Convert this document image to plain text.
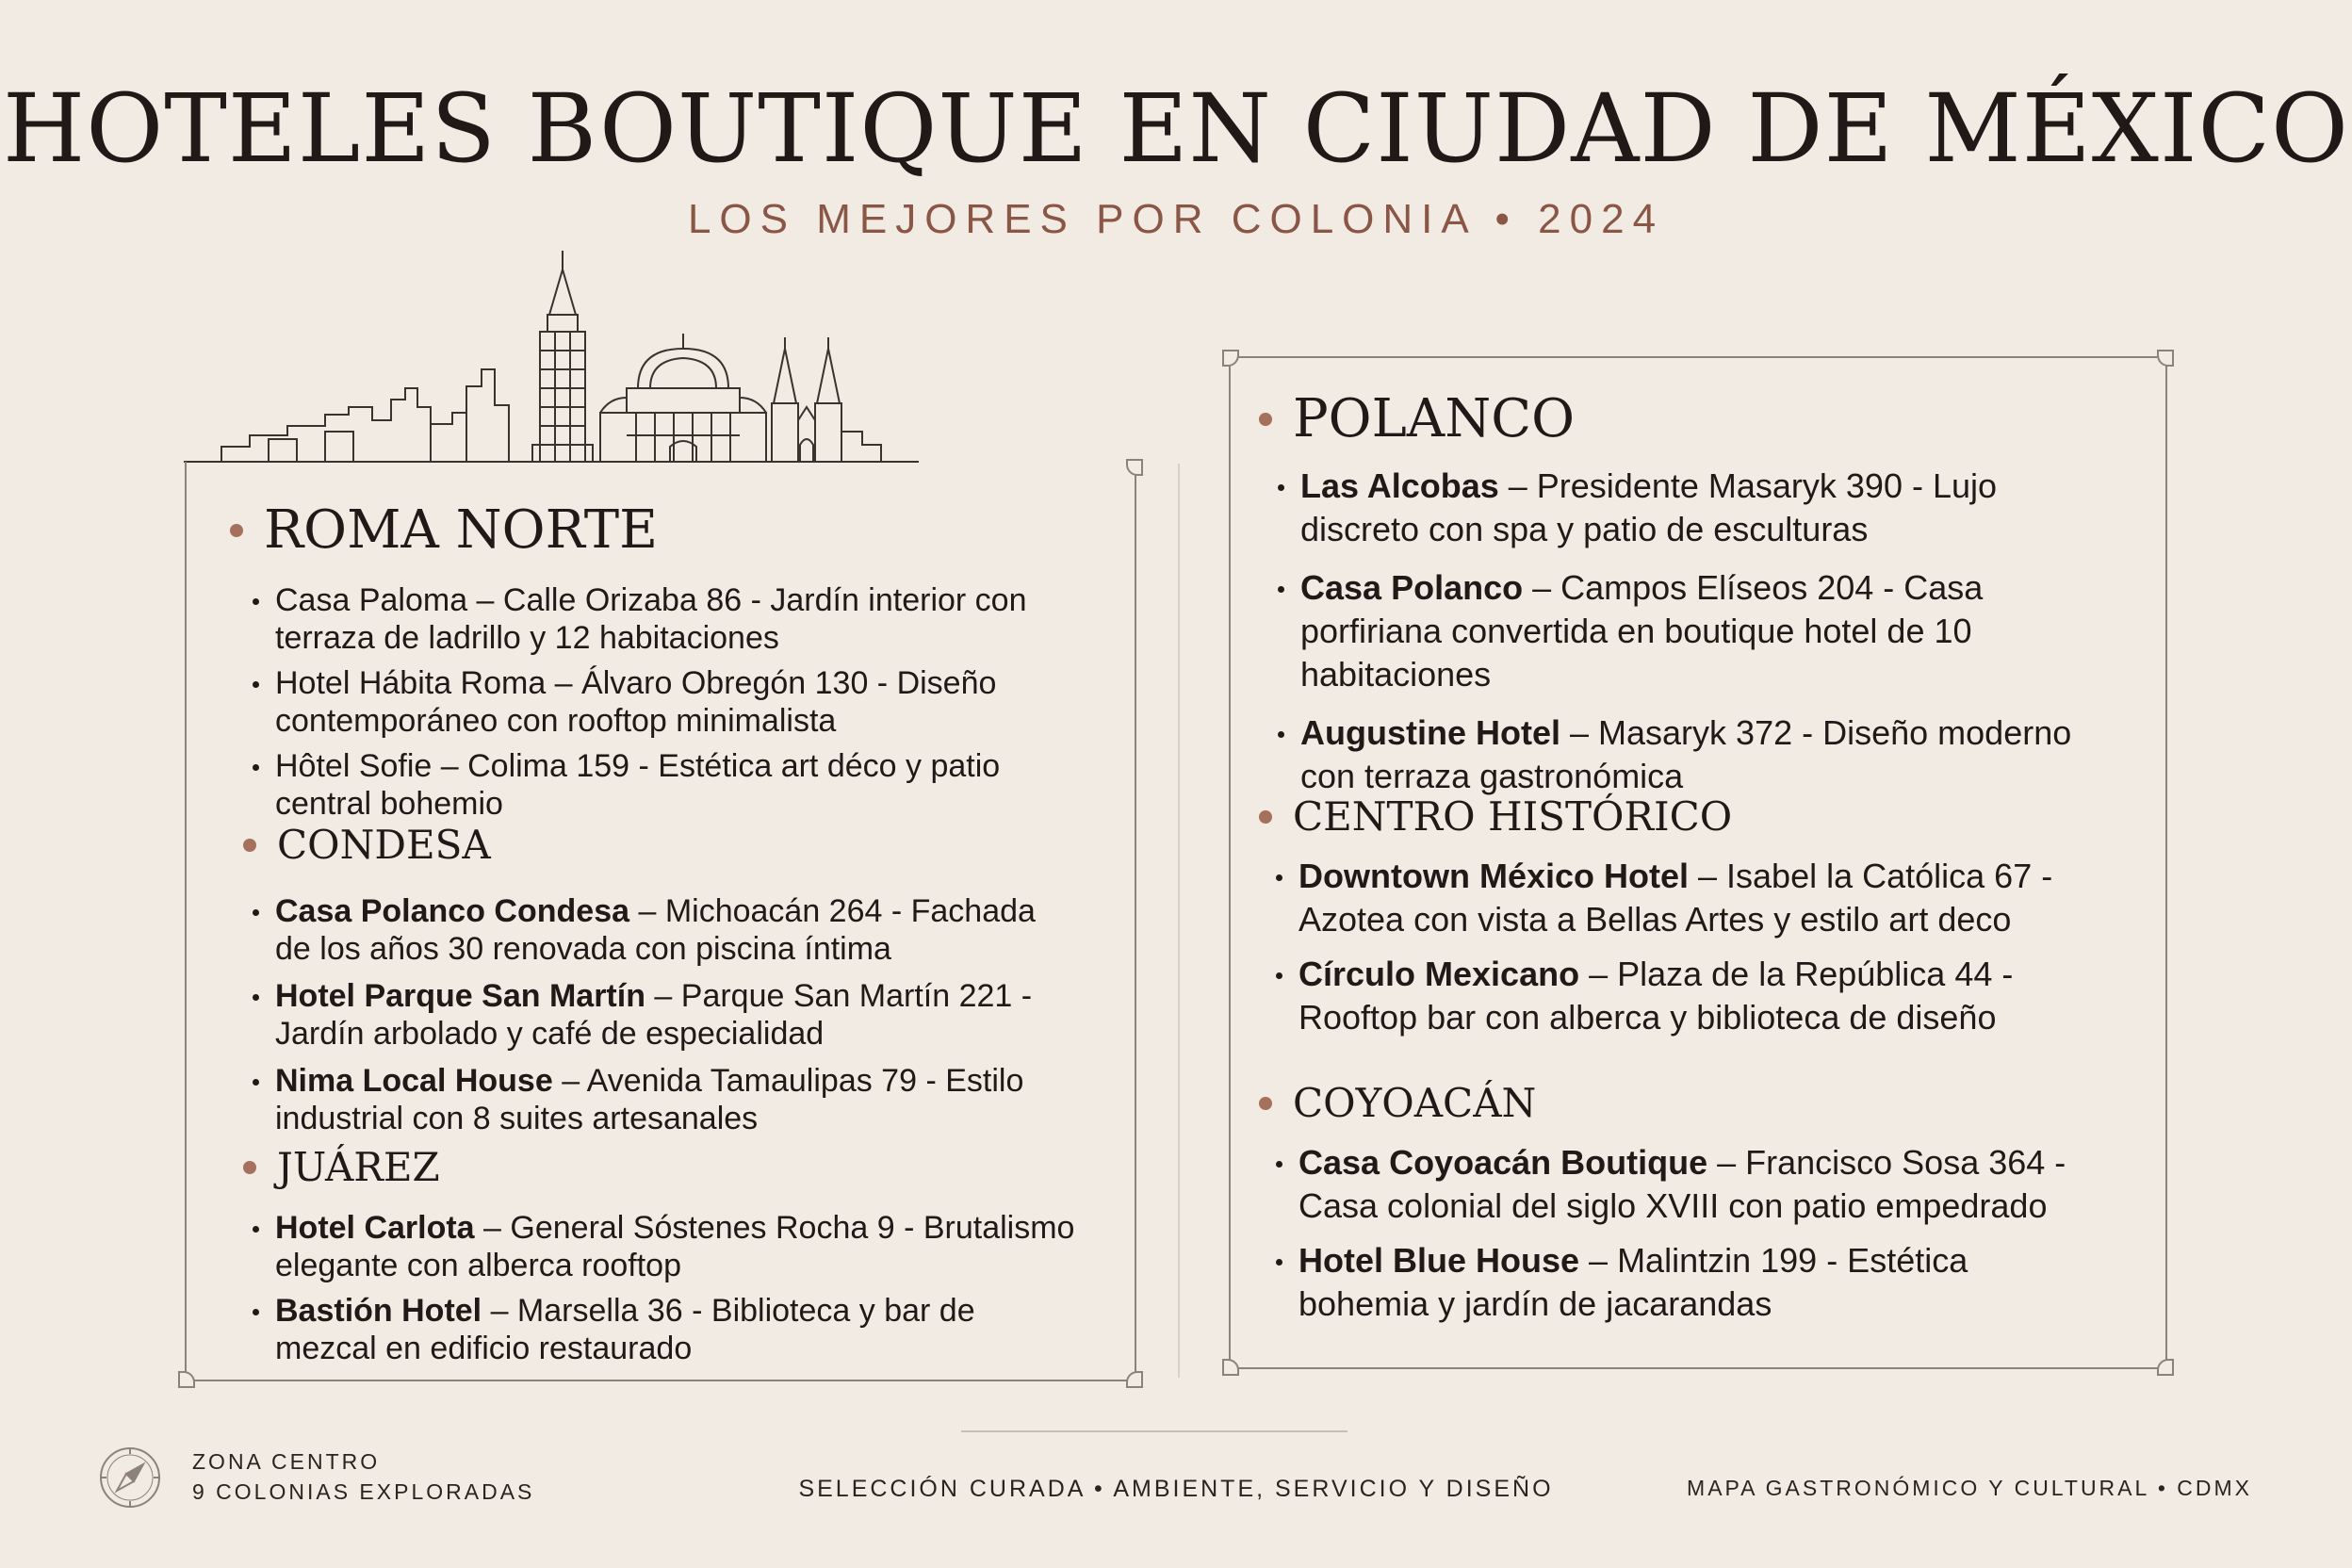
HOTELES BOUTIQUE EN CIUDAD DE MÉXICO
LOS MEJORES POR COLONIA • 2024
ROMA NORTE
Casa Paloma – Calle Orizaba 86 - Jardín interior con terraza de ladrillo y 12 habitaciones
Hotel Hábita Roma – Álvaro Obregón 130 - Diseño contemporáneo con rooftop minimalista
Hôtel Sofie – Colima 159 - Estética art déco y patio central bohemio
CONDESA
Casa Polanco Condesa – Michoacán 264 - Fachada de los años 30 renovada con piscina íntima
Hotel Parque San Martín – Parque San Martín 221 - Jardín arbolado y café de especialidad
Nima Local House – Avenida Tamaulipas 79 - Estilo industrial con 8 suites artesanales
JUÁREZ
Hotel Carlota – General Sóstenes Rocha 9 - Brutalismo elegante con alberca rooftop
Bastión Hotel – Marsella 36 - Biblioteca y bar de mezcal en edificio restaurado
POLANCO
Las Alcobas – Presidente Masaryk 390 - Lujo discreto con spa y patio de esculturas
Casa Polanco – Campos Elíseos 204 - Casa porfiriana convertida en boutique hotel de 10 habitaciones
Augustine Hotel – Masaryk 372 - Diseño moderno con terraza gastronómica
CENTRO HISTÓRICO
Downtown México Hotel – Isabel la Católica 67 - Azotea con vista a Bellas Artes y estilo art deco
Círculo Mexicano – Plaza de la República 44 - Rooftop bar con alberca y biblioteca de diseño
COYOACÁN
Casa Coyoacán Boutique – Francisco Sosa 364 - Casa colonial del siglo XVIII con patio empedrado
Hotel Blue House – Malintzin 199 - Estética bohemia y jardín de jacarandas
ZONA CENTRO
9 COLONIAS EXPLORADAS	SELECCIÓN CURADA • AMBIENTE, SERVICIO Y DISEÑO	MAPA GASTRONÓMICO Y CULTURAL • CDMX
